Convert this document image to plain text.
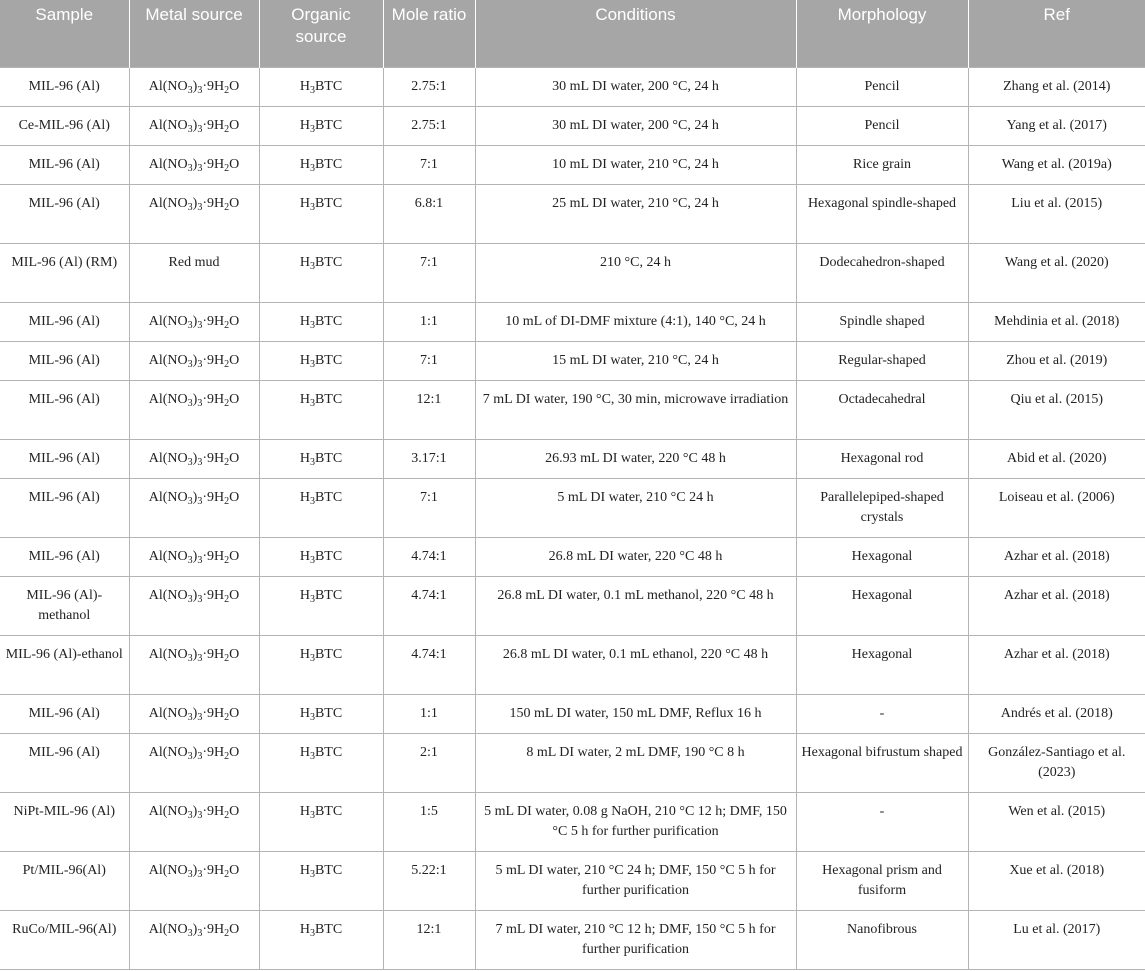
Sample	Metal source	Organic source	Mole ratio	Conditions	Morphology	Ref
MIL-96 (Al)	$Al(NO_3)_3\cdot 9H_2O$	$H_3BTC$	2.75:1	30 mL DI water, 200 °C, 24 h	Pencil	Zhang et al. (2014)
Ce-MIL-96 (Al)	$Al(NO_3)_3\cdot 9H_2O$	$H_3BTC$	2.75:1	30 mL DI water, 200 °C, 24 h	Pencil	Yang et al. (2017)
MIL-96 (Al)	$Al(NO_3)_3\cdot 9H_2O$	$H_3BTC$	7:1	10 mL DI water, 210 °C, 24 h	Rice grain	Wang et al. (2019a)
MIL-96 (Al)	$Al(NO_3)_3\cdot 9H_2O$	$H_3BTC$	6.8:1	25 mL DI water, 210 °C, 24 h	Hexagonal spindle-shaped	Liu et al. (2015)
MIL-96 (Al) (RM)	Red mud	$H_3BTC$	7:1	210 °C, 24 h	Dodecahedron-shaped	Wang et al. (2020)
MIL-96 (Al)	$Al(NO_3)_3\cdot 9H_2O$	$H_3BTC$	1:1	10 mL of DI-DMF mixture (4:1), 140 °C, 24 h	Spindle shaped	Mehdinia et al. (2018)
MIL-96 (Al)	$Al(NO_3)_3\cdot 9H_2O$	$H_3BTC$	7:1	15 mL DI water, 210 °C, 24 h	Regular-shaped	Zhou et al. (2019)
MIL-96 (Al)	$Al(NO_3)_3\cdot 9H_2O$	$H_3BTC$	12:1	7 mL DI water, 190 °C, 30 min, microwave irradiation	Octadecahedral	Qiu et al. (2015)
MIL-96 (Al)	$Al(NO_3)_3\cdot 9H_2O$	$H_3BTC$	3.17:1	26.93 mL DI water, 220 °C 48 h	Hexagonal rod	Abid et al. (2020)
MIL-96 (Al)	$Al(NO_3)_3\cdot 9H_2O$	$H_3BTC$	7:1	5 mL DI water, 210 °C 24 h	Parallelepiped-shaped crystals	Loiseau et al. (2006)
MIL-96 (Al)	$Al(NO_3)_3\cdot 9H_2O$	$H_3BTC$	4.74:1	26.8 mL DI water, 220 °C 48 h	Hexagonal	Azhar et al. (2018)
MIL-96 (Al)-methanol	$Al(NO_3)_3\cdot 9H_2O$	$H_3BTC$	4.74:1	26.8 mL DI water, 0.1 mL methanol, 220 °C 48 h	Hexagonal	Azhar et al. (2018)
MIL-96 (Al)-ethanol	$Al(NO_3)_3\cdot 9H_2O$	$H_3BTC$	4.74:1	26.8 mL DI water, 0.1 mL ethanol, 220 °C 48 h	Hexagonal	Azhar et al. (2018)
MIL-96 (Al)	$Al(NO_3)_3\cdot 9H_2O$	$H_3BTC$	1:1	150 mL DI water, 150 mL DMF, Reflux 16 h	-	Andrés et al. (2018)
MIL-96 (Al)	$Al(NO_3)_3\cdot 9H_2O$	$H_3BTC$	2:1	8 mL DI water, 2 mL DMF, 190 °C 8 h	Hexagonal bifrustum shaped	González-Santiago et al. (2023)
NiPt-MIL-96 (Al)	$Al(NO_3)_3\cdot 9H_2O$	$H_3BTC$	1:5	5 mL DI water, 0.08 g NaOH, 210 °C 12 h; DMF, 150 °C 5 h for further purification	-	Wen et al. (2015)
Pt/MIL-96(Al)	$Al(NO_3)_3\cdot 9H_2O$	$H_3BTC$	5.22:1	5 mL DI water, 210 °C 24 h; DMF, 150 °C 5 h for further purification	Hexagonal prism and fusiform	Xue et al. (2018)
RuCo/MIL-96(Al)	$Al(NO_3)_3\cdot 9H_2O$	$H_3BTC$	12:1	7 mL DI water, 210 °C 12 h; DMF, 150 °C 5 h for further purification	Nanofibrous	Lu et al. (2017)
